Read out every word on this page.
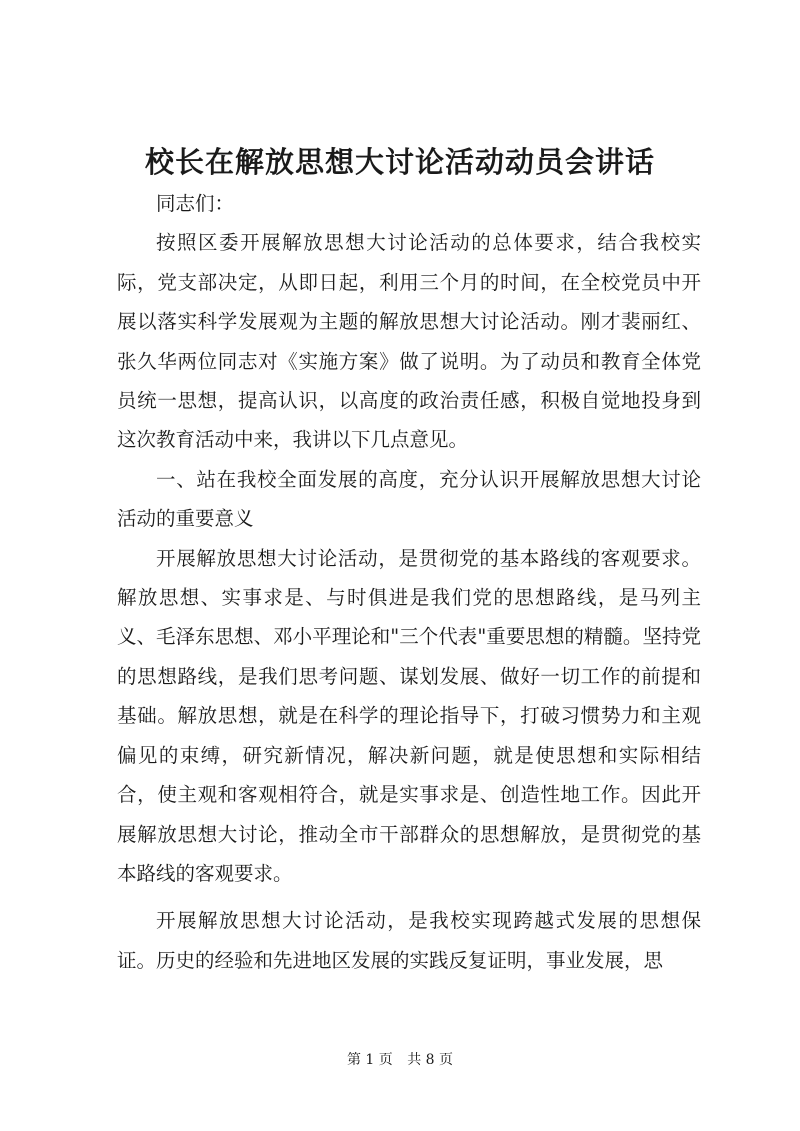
校长在解放思想大讨论活动动员会讲话

同志们：

按照区委开展解放思想大讨论活动的总体要求，结合我校实际，党支部决定，从即日起，利用三个月的时间，在全校党员中开展以落实科学发展观为主题的解放思想大讨论活动。刚才裴丽红、张久华两位同志对《实施方案》做了说明。为了动员和教育全体党员统一思想，提高认识，以高度的政治责任感，积极自觉地投身到这次教育活动中来，我讲以下几点意见。

一、站在我校全面发展的高度，充分认识开展解放思想大讨论活动的重要意义

开展解放思想大讨论活动，是贯彻党的基本路线的客观要求。解放思想、实事求是、与时俱进是我们党的思想路线，是马列主义、毛泽东思想、邓小平理论和"三个代表"重要思想的精髓。坚持党的思想路线，是我们思考问题、谋划发展、做好一切工作的前提和基础。解放思想，就是在科学的理论指导下，打破习惯势力和主观偏见的束缚，研究新情况，解决新问题，就是使思想和实际相结合，使主观和客观相符合，就是实事求是、创造性地工作。因此开展解放思想大讨论，推动全市干部群众的思想解放，是贯彻党的基本路线的客观要求。

开展解放思想大讨论活动，是我校实现跨越式发展的思想保证。历史的经验和先进地区发展的实践反复证明，事业发展，思

第 1 页 共 8 页
